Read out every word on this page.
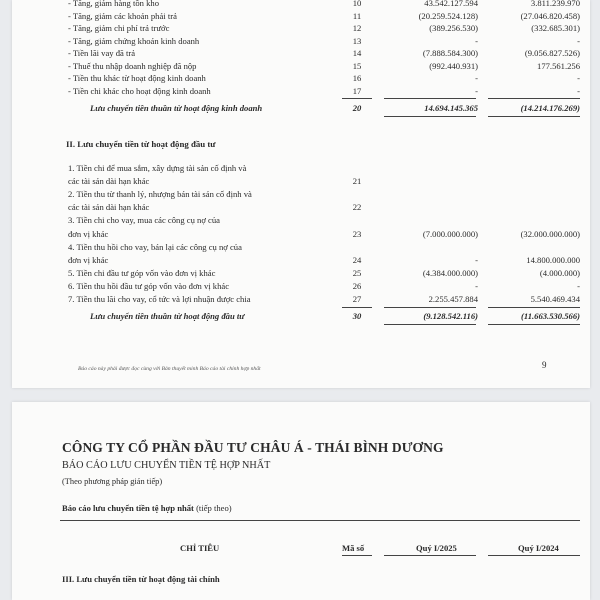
- Tăng, giảm hàng tồn kho	10	43.542.127.594	3.811.239.970
- Tăng, giảm các khoản phải trả	11	(20.259.524.128)	(27.046.820.458)
- Tăng, giảm chi phí trả trước	12	(389.256.530)	(332.685.301)
- Tăng, giảm chứng khoán kinh doanh	13	-	-
- Tiền lãi vay đã trả	14	(7.888.584.300)	(9.056.827.526)
- Thuế thu nhập doanh nghiệp đã nộp	15	(992.440.931)	177.561.256
- Tiền thu khác từ hoạt động kinh doanh	16	-	-
- Tiền chi khác cho hoạt động kinh doanh	17	-	-
Lưu chuyển tiền thuần từ hoạt động kinh doanh	20	14.694.145.365	(14.214.176.269)
II. Lưu chuyển tiền từ hoạt động đầu tư
1. Tiền chi để mua sắm, xây dựng tài sản cố định và
các tài sản dài hạn khác	21
2. Tiền thu từ thanh lý, nhượng bán tài sản cố định và
các tài sản dài hạn khác	22
3. Tiền chi cho vay, mua các công cụ nợ của
đơn vị khác	23	(7.000.000.000)	(32.000.000.000)
4. Tiền thu hồi cho vay, bán lại các công cụ nợ của
đơn vị khác	24	-	14.800.000.000
5. Tiền chi đầu tư góp vốn vào đơn vị khác	25	(4.384.000.000)	(4.000.000)
6. Tiền thu hồi đầu tư góp vốn vào đơn vị khác	26	-	-
7. Tiền thu lãi cho vay, cổ tức và lợi nhuận được chia	27	2.255.457.884	5.540.469.434
Lưu chuyển tiền thuần từ hoạt động đầu tư	30	(9.128.542.116)	(11.663.530.566)
Báo cáo này phải được đọc cùng với Bản thuyết minh Báo cáo tài chính hợp nhất	9
CÔNG TY CỔ PHẦN ĐẦU TƯ CHÂU Á - THÁI BÌNH DƯƠNG
BÁO CÁO LƯU CHUYỂN TIỀN TỆ HỢP NHẤT
(Theo phương pháp gián tiếp)
Báo cáo lưu chuyển tiền tệ hợp nhất (tiếp theo)
CHỈ TIÊU	Mã số	Quý I/2025	Quý I/2024
III. Lưu chuyển tiền từ hoạt động tài chính
